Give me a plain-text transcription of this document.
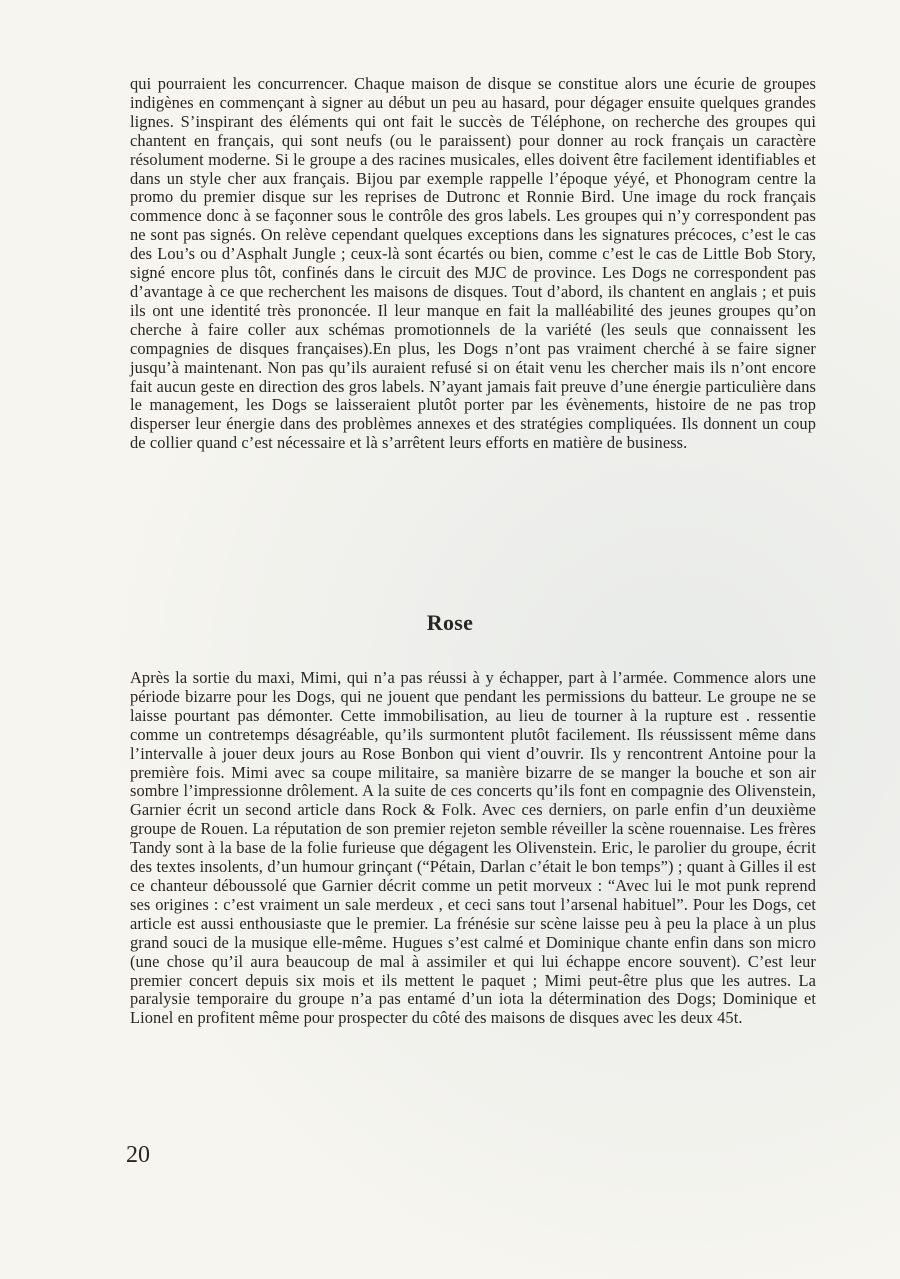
qui pourraient les concurrencer. Chaque maison de disque se constitue alors une écurie de groupes indigènes en commençant à signer au début un peu au hasard, pour dégager ensuite quelques grandes lignes. S’inspirant des éléments qui ont fait le succès de Téléphone, on recherche des groupes qui chantent en français, qui sont neufs (ou le paraissent) pour donner au rock français un caractère résolument moderne. Si le groupe a des racines musicales, elles doivent être facilement identifiables et dans un style cher aux français. Bijou par exemple rappelle l’époque yéyé, et Phonogram centre la promo du premier disque sur les reprises de Dutronc et Ronnie Bird. Une image du rock français commence donc à se façonner sous le contrôle des gros labels. Les groupes qui n’y correspondent pas ne sont pas signés. On relève cependant quelques exceptions dans les signatures précoces, c’est le cas des Lou’s ou d’Asphalt Jungle ; ceux-là sont écartés ou bien, comme c’est le cas de Little Bob Story, signé encore plus tôt, confinés dans le circuit des MJC de province. Les Dogs ne correspondent pas d’avantage à ce que recherchent les maisons de disques. Tout d’abord, ils chantent en anglais ; et puis ils ont une identité très prononcée. Il leur manque en fait la malléabilité des jeunes groupes qu’on cherche à faire coller aux schémas promotionnels de la variété (les seuls que connaissent les compagnies de disques françaises).En plus, les Dogs n’ont pas vraiment cherché à se faire signer jusqu’à maintenant. Non pas qu’ils auraient refusé si on était venu les chercher mais ils n’ont encore fait aucun geste en direction des gros labels. N’ayant jamais fait preuve d’une énergie particulière dans le management, les Dogs se laisseraient plutôt porter par les évènements, histoire de ne pas trop disperser leur énergie dans des problèmes annexes et des stratégies compliquées. Ils donnent un coup de collier quand c’est nécessaire et là s’arrêtent leurs efforts en matière de business.

Rose

Après la sortie du maxi, Mimi, qui n’a pas réussi à y échapper, part à l’armée. Commence alors une période bizarre pour les Dogs, qui ne jouent que pendant les permissions du batteur. Le groupe ne se laisse pourtant pas démonter. Cette immobilisation, au lieu de tourner à la rupture est . ressentie comme un contretemps désagréable, qu’ils surmontent plutôt facilement. Ils réussissent même dans l’intervalle à jouer deux jours au Rose Bonbon qui vient d’ouvrir. Ils y rencontrent Antoine pour la première fois. Mimi avec sa coupe militaire, sa manière bizarre de se manger la bouche et son air sombre l’impressionne drôlement. A la suite de ces concerts qu’ils font en compagnie des Olivenstein, Garnier écrit un second article dans Rock & Folk. Avec ces derniers, on parle enfin d’un deuxième groupe de Rouen. La réputation de son premier rejeton semble réveiller la scène rouennaise. Les frères Tandy sont à la base de la folie furieuse que dégagent les Olivenstein. Eric, le parolier du groupe, écrit des textes insolents, d’un humour grinçant (“Pétain, Darlan c’était le bon temps”) ; quant à Gilles il est ce chanteur déboussolé que Garnier décrit comme un petit morveux : “Avec lui le mot punk reprend ses origines : c’est vraiment un sale merdeux , et ceci sans tout l’arsenal habituel”. Pour les Dogs, cet article est aussi enthousiaste que le premier. La frénésie sur scène laisse peu à peu la place à un plus grand souci de la musique elle-même. Hugues s’est calmé et Dominique chante enfin dans son micro (une chose qu’il aura beaucoup de mal à assimiler et qui lui échappe encore souvent). C’est leur premier concert depuis six mois et ils mettent le paquet ; Mimi peut-être plus que les autres. La paralysie temporaire du groupe n’a pas entamé d’un iota la détermination des Dogs; Dominique et Lionel en profitent même pour prospecter du côté des maisons de disques avec les deux 45t.

20
